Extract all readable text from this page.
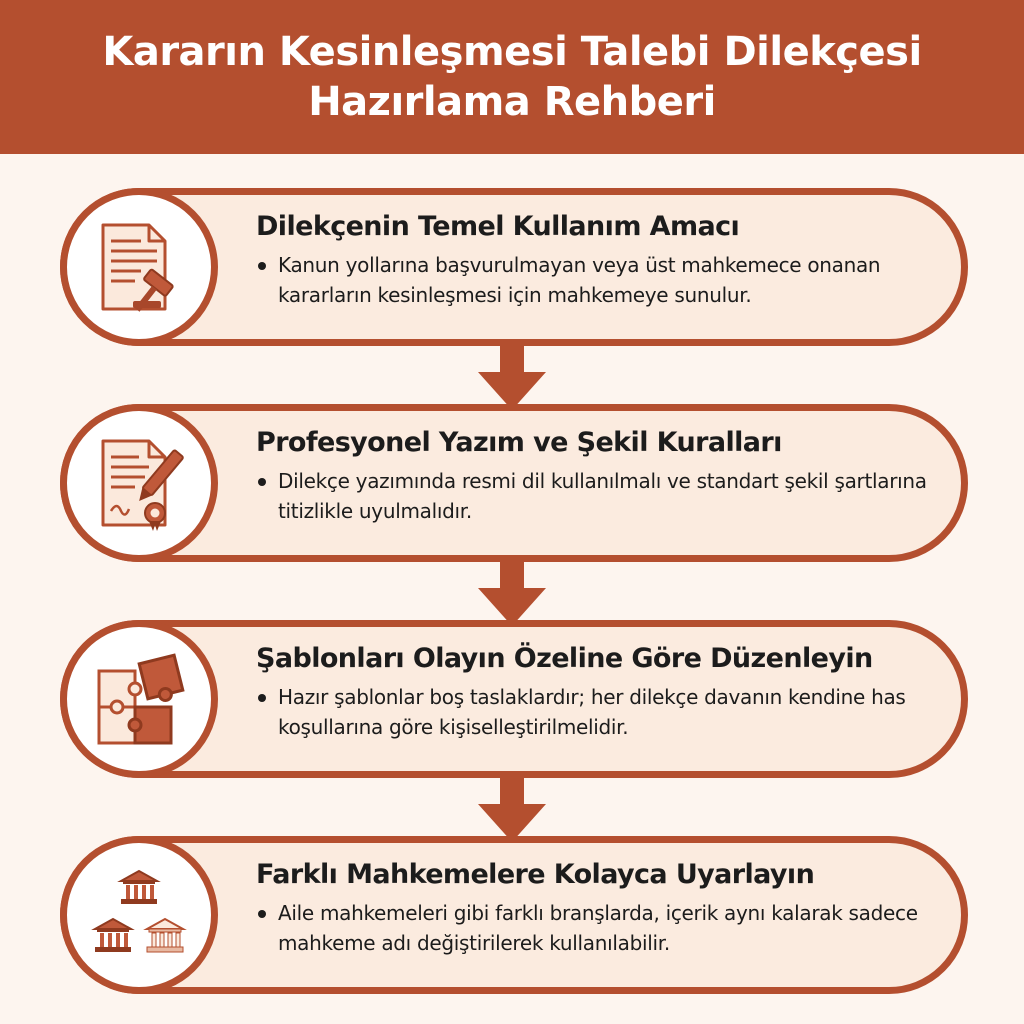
Kararın Kesinleşmesi Talebi Dilekçesi
Hazırlama Rehberi
Dilekçenin Temel Kullanım Amacı
Kanun yollarına başvurulmayan veya üst mahkemece onanan kararların kesinleşmesi için mahkemeye sunulur.
Profesyonel Yazım ve Şekil Kuralları
Dilekçe yazımında resmi dil kullanılmalı ve standart şekil şartlarına titizlikle uyulmalıdır.
Şablonları Olayın Özeline Göre Düzenleyin
Hazır şablonlar boş taslaklardır; her dilekçe davanın kendine has koşullarına göre kişiselleştirilmelidir.
Farklı Mahkemelere Kolayca Uyarlayın
Aile mahkemeleri gibi farklı branşlarda, içerik aynı kalarak sadece mahkeme adı değiştirilerek kullanılabilir.
